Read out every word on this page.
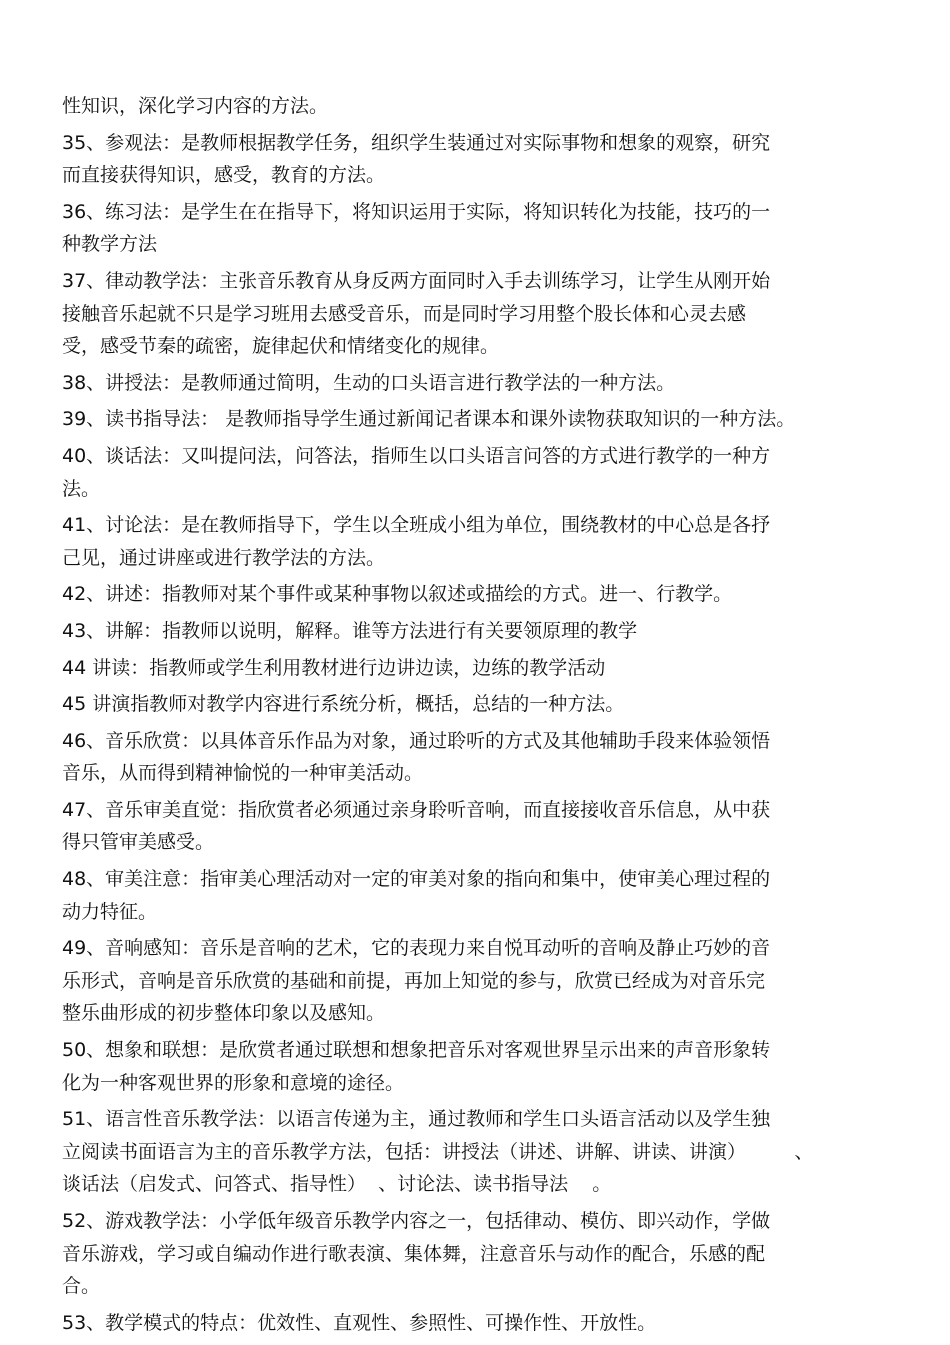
性知识，深化学习内容的方法。
35、参观法：是教师根据教学任务，组织学生装通过对实际事物和想象的观察，研究
而直接获得知识，感受，教育的方法。
36、练习法：是学生在在指导下，将知识运用于实际，将知识转化为技能，技巧的一
种教学方法
37、律动教学法：主张音乐教育从身反两方面同时入手去训练学习，让学生从刚开始
接触音乐起就不只是学习班用去感受音乐，而是同时学习用整个股长体和心灵去感
受，感受节秦的疏密，旋律起伏和情绪变化的规律。
38、讲授法：是教师通过简明，生动的口头语言进行教学法的一种方法。
39、读书指导法： 是教师指导学生通过新闻记者课本和课外读物获取知识的一种方法。
40、谈话法：又叫提问法，问答法，指师生以口头语言问答的方式进行教学的一种方
法。
41、讨论法：是在教师指导下，学生以全班成小组为单位，围绕教材的中心总是各抒
己见，通过讲座或进行教学法的方法。
42、讲述：指教师对某个事件或某种事物以叙述或描绘的方式。进一、行教学。
43、讲解：指教师以说明，解释。谁等方法进行有关要领原理的教学
44 讲读：指教师或学生利用教材进行边讲边读，边练的教学活动
45 讲演指教师对教学内容进行系统分析，概括，总结的一种方法。
46、音乐欣赏：以具体音乐作品为对象，通过聆听的方式及其他辅助手段来体验领悟
音乐，从而得到精神愉悦的一种审美活动。
47、音乐审美直觉：指欣赏者必须通过亲身聆听音响，而直接接收音乐信息，从中获
得只管审美感受。
48、审美注意：指审美心理活动对一定的审美对象的指向和集中，使审美心理过程的
动力特征。
49、音响感知：音乐是音响的艺术，它的表现力来自悦耳动听的音响及静止巧妙的音
乐形式，音响是音乐欣赏的基础和前提，再加上知觉的参与，欣赏已经成为对音乐完
整乐曲形成的初步整体印象以及感知。
50、想象和联想：是欣赏者通过联想和想象把音乐对客观世界呈示出来的声音形象转
化为一种客观世界的形象和意境的途径。
51、语言性音乐教学法：以语言传递为主，通过教师和学生口头语言活动以及学生独
立阅读书面语言为主的音乐教学方法，包括：讲授法（讲述、讲解、讲读、讲演）        、
谈话法（启发式、问答式、指导性）  、讨论法、读书指导法    。
52、游戏教学法：小学低年级音乐教学内容之一，包括律动、模仿、即兴动作，学做
音乐游戏，学习或自编动作进行歌表演、集体舞，注意音乐与动作的配合，乐感的配
合。
53、教学模式的特点：优效性、直观性、参照性、可操作性、开放性。
